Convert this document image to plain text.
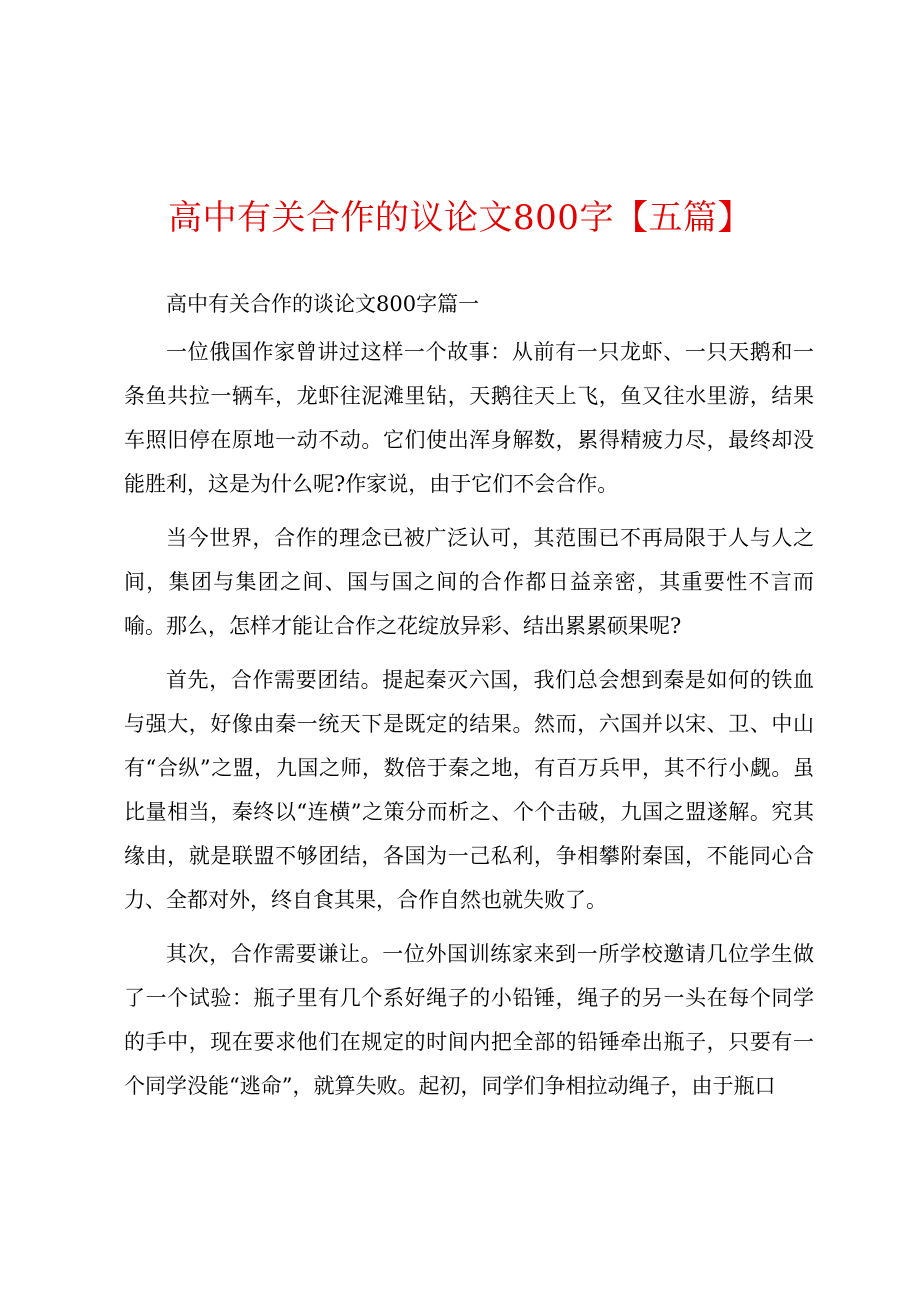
高中有关合作的议论文800字【五篇】

高中有关合作的谈论文800字篇一

一位俄国作家曾讲过这样一个故事：从前有一只龙虾、一只天鹅和一条鱼共拉一辆车，龙虾往泥滩里钻，天鹅往天上飞，鱼又往水里游，结果车照旧停在原地一动不动。它们使出浑身解数，累得精疲力尽，最终却没能胜利，这是为什么呢?作家说，由于它们不会合作。

当今世界，合作的理念已被广泛认可，其范围已不再局限于人与人之间，集团与集团之间、国与国之间的合作都日益亲密，其重要性不言而喻。那么，怎样才能让合作之花绽放异彩、结出累累硕果呢?

首先，合作需要团结。提起秦灭六国，我们总会想到秦是如何的铁血与强大，好像由秦一统天下是既定的结果。然而，六国并以宋、卫、中山有“合纵”之盟，九国之师，数倍于秦之地，有百万兵甲，其不行小觑。虽比量相当，秦终以“连横”之策分而析之、个个击破，九国之盟遂解。究其缘由，就是联盟不够团结，各国为一己私利，争相攀附秦国，不能同心合力、全都对外，终自食其果，合作自然也就失败了。

其次，合作需要谦让。一位外国训练家来到一所学校邀请几位学生做了一个试验：瓶子里有几个系好绳子的小铅锤，绳子的另一头在每个同学的手中，现在要求他们在规定的时间内把全部的铅锤牵出瓶子，只要有一个同学没能“逃命”，就算失败。起初，同学们争相拉动绳子，由于瓶口
